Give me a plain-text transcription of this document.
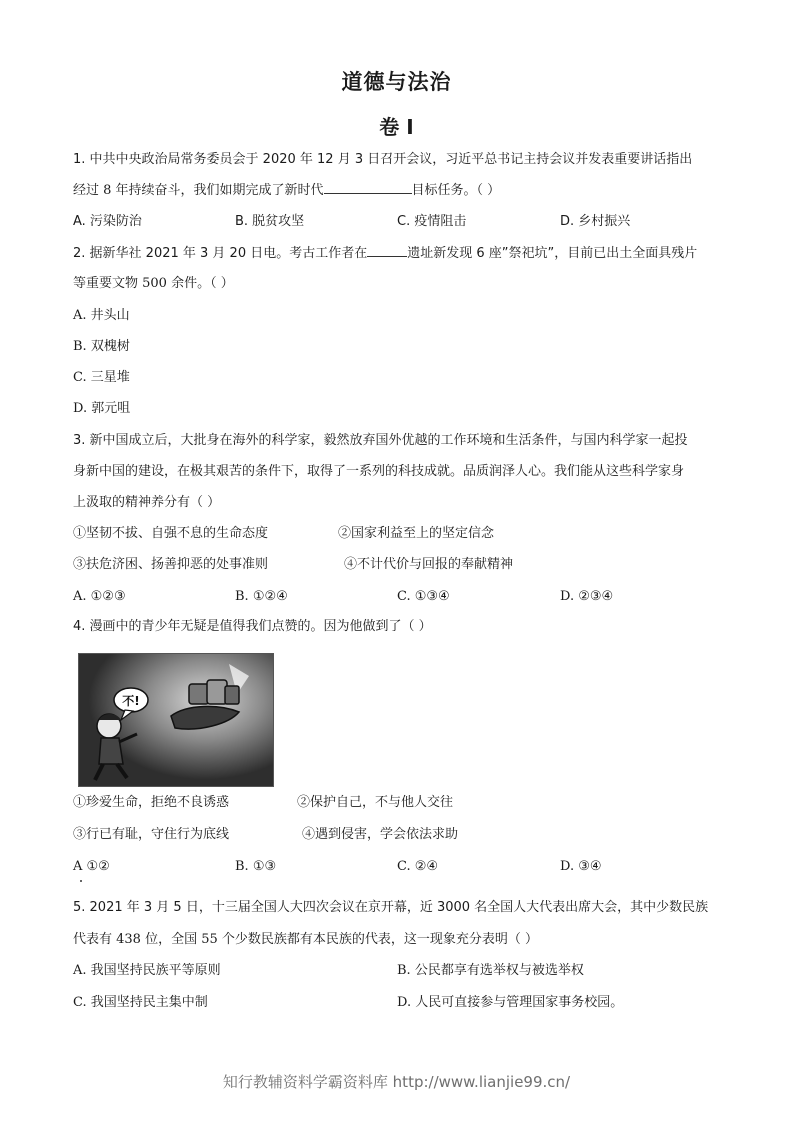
道德与法治
卷 I
1. 中共中央政治局常务委员会于 2020 年 12 月 3 日召开会议，习近平总书记主持会议并发表重要讲话指出
经过 8 年持续奋斗，我们如期完成了新时代	目标任务。（ ）
A. 污染防治	B. 脱贫攻坚	C. 疫情阻击	D. 乡村振兴
2. 据新华社 2021 年 3 月 20 日电。考古工作者在	遗址新发现 6 座”祭祀坑”，目前已出土全面具残片
等重要文物 500 余件。（ ）
A. 井头山
B. 双槐树
C. 三星堆
D. 郭元咀
3. 新中国成立后，大批身在海外的科学家，毅然放弃国外优越的工作环境和生活条件，与国内科学家一起投
身新中国的建设，在极其艰苦的条件下，取得了一系列的科技成就。品质润泽人心。我们能从这些科学家身
上汲取的精神养分有（ ）
①坚韧不拔、自强不息的生命态度	②国家利益至上的坚定信念
③扶危济困、扬善抑恶的处事准则	④不计代价与回报的奉献精神
A. ①②③	B. ①②④	C. ①③④	D. ②③④
4. 漫画中的青少年无疑是值得我们点赞的。因为他做到了（ ）
不!
①珍爱生命，拒绝不良诱惑	②保护自己，不与他人交往
③行已有耻，守住行为底线	④遇到侵害，学会依法求助
A ①②	B. ①③	C. ②④	D. ③④
5. 2021 年 3 月 5 日，十三届全国人大四次会议在京开幕，近 3000 名全国人大代表出席大会，其中少数民族
代表有 438 位，全国 55 个少数民族都有本民族的代表，这一现象充分表明（ ）
A. 我国坚持民族平等原则	B. 公民都享有选举权与被选举权
C. 我国坚持民主集中制	D. 人民可直接参与管理国家事务校园。
知行教辅资料学霸资料库 http://www.lianjie99.cn/
